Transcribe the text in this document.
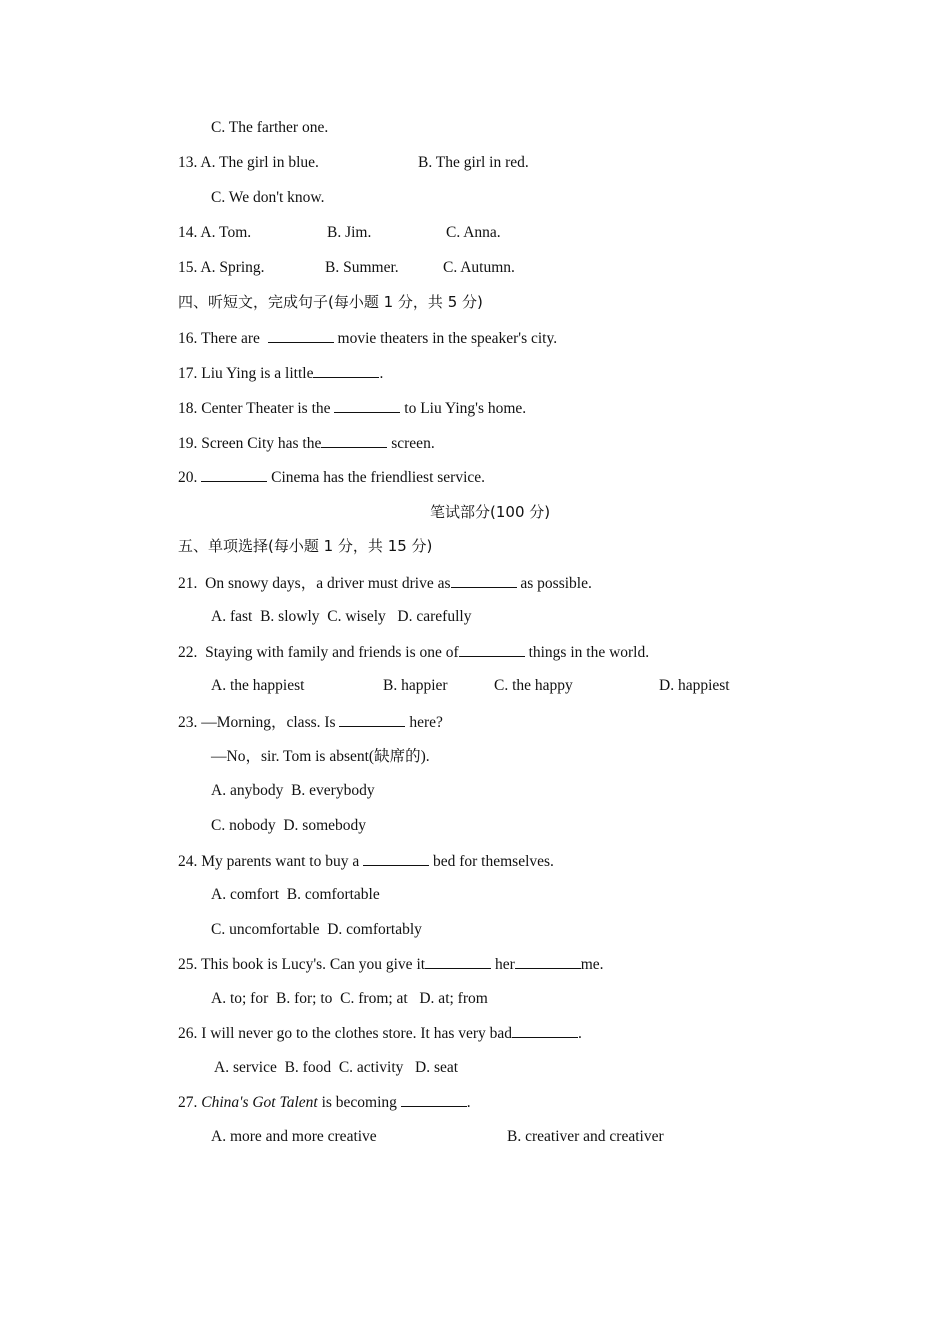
C. The farther one.
13. A. The girl in blue.	B. The girl in red.
C. We don't know.
14. A. Tom.	B. Jim.	C. Anna.
15. A. Spring.	B. Summer.	C. Autumn.
四、听短文，完成句子(每小题 1 分，共 5 分)
16. There are	movie theaters in the speaker's city.
17. Liu Ying is a little	.
18. Center Theater is the	to Liu Ying's home.
19. Screen City has the	screen.
20.	Cinema has the friendliest service.
笔试部分(100 分)
五、单项选择(每小题 1 分，共 15 分)
21.  On snowy days，a driver must drive as	as possible.
A. fast  B. slowly  C. wisely   D. carefully
22.  Staying with family and friends is one of	things in the world.
A. the happiest	B. happier	C. the happy	D. happiest
23. —Morning，class. Is	here?
—No，sir. Tom is absent(缺席的).
A. anybody  B. everybody
C. nobody  D. somebody
24. My parents want to buy a	bed for themselves.
A. comfort  B. comfortable
C. uncomfortable  D. comfortably
25. This book is Lucy's. Can you give it	her	me.
A. to; for  B. for; to  C. from; at   D. at; from
26. I will never go to the clothes store. It has very bad	.
A. service  B. food  C. activity   D. seat
27. China's Got Talent is becoming	.
A. more and more creative	B. creativer and creativer
